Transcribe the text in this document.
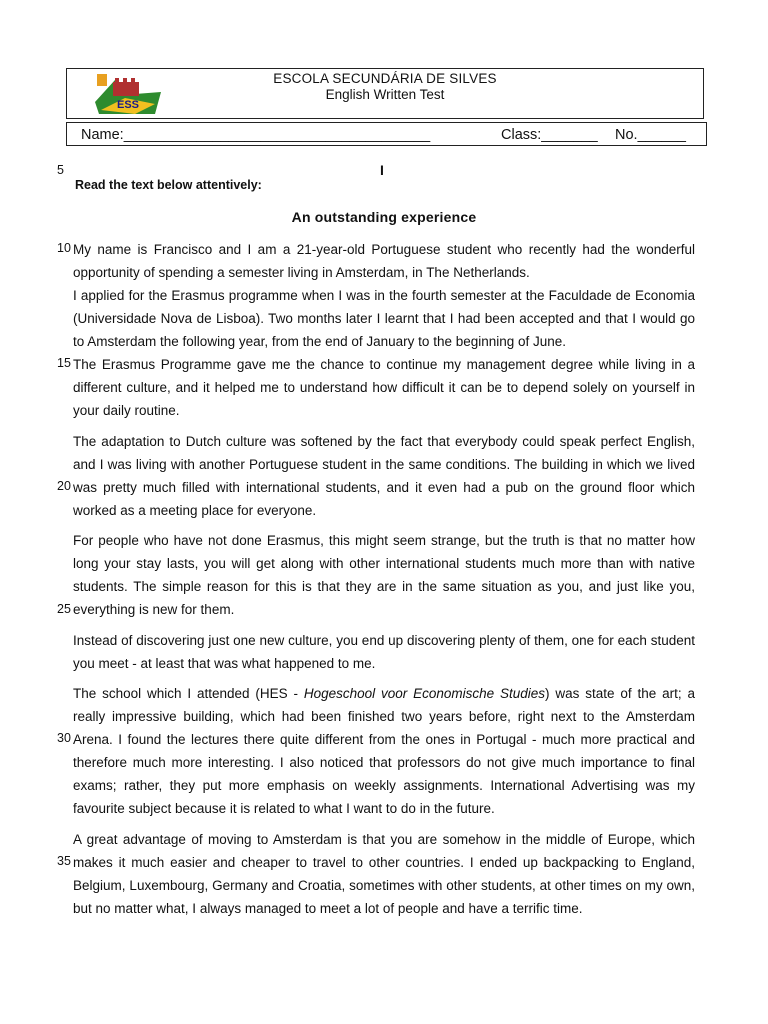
ESS
ESCOLA SECUNDÁRIA DE SILVES
English Written Test
Name:______________________________________	Class:_______ No.______
5	I
Read the text below attentively:
An outstanding experience
10
15
20
25
30
35

My name is Francisco and I am a 21-year-old Portuguese student who recently had the wonderful opportunity of spending a semester living in Amsterdam, in The Netherlands.

I applied for the Erasmus programme when I was in the fourth semester at the Faculdade de Economia (Universidade Nova de Lisboa). Two months later I learnt that I had been accepted and that I would go to Amsterdam the following year, from the end of January to the beginning of June.

The Erasmus Programme gave me the chance to continue my management degree while living in a different culture, and it helped me to understand how difficult it can be to depend solely on yourself in your daily routine.

The adaptation to Dutch culture was softened by the fact that everybody could speak perfect English, and I was living with another Portuguese student in the same conditions. The building in which we lived was pretty much filled with international students, and it even had a pub on the ground floor which worked as a meeting place for everyone.

For people who have not done Erasmus, this might seem strange, but the truth is that no matter how long your stay lasts, you will get along with other international students much more than with native students. The simple reason for this is that they are in the same situation as you, and just like you, everything is new for them.

Instead of discovering just one new culture, you end up discovering plenty of them, one for each student you meet - at least that was what happened to me.

The school which I attended (HES - Hogeschool voor Economische Studies) was state of the art; a really impressive building, which had been finished two years before, right next to the Amsterdam Arena. I found the lectures there quite different from the ones in Portugal - much more practical and therefore much more interesting. I also noticed that professors do not give much importance to final exams; rather, they put more emphasis on weekly assignments. International Advertising was my favourite subject because it is related to what I want to do in the future.

A great advantage of moving to Amsterdam is that you are somehow in the middle of Europe, which makes it much easier and cheaper to travel to other countries. I ended up backpacking to England, Belgium, Luxembourg, Germany and Croatia, sometimes with other students, at other times on my own, but no matter what, I always managed to meet a lot of people and have a terrific time.
